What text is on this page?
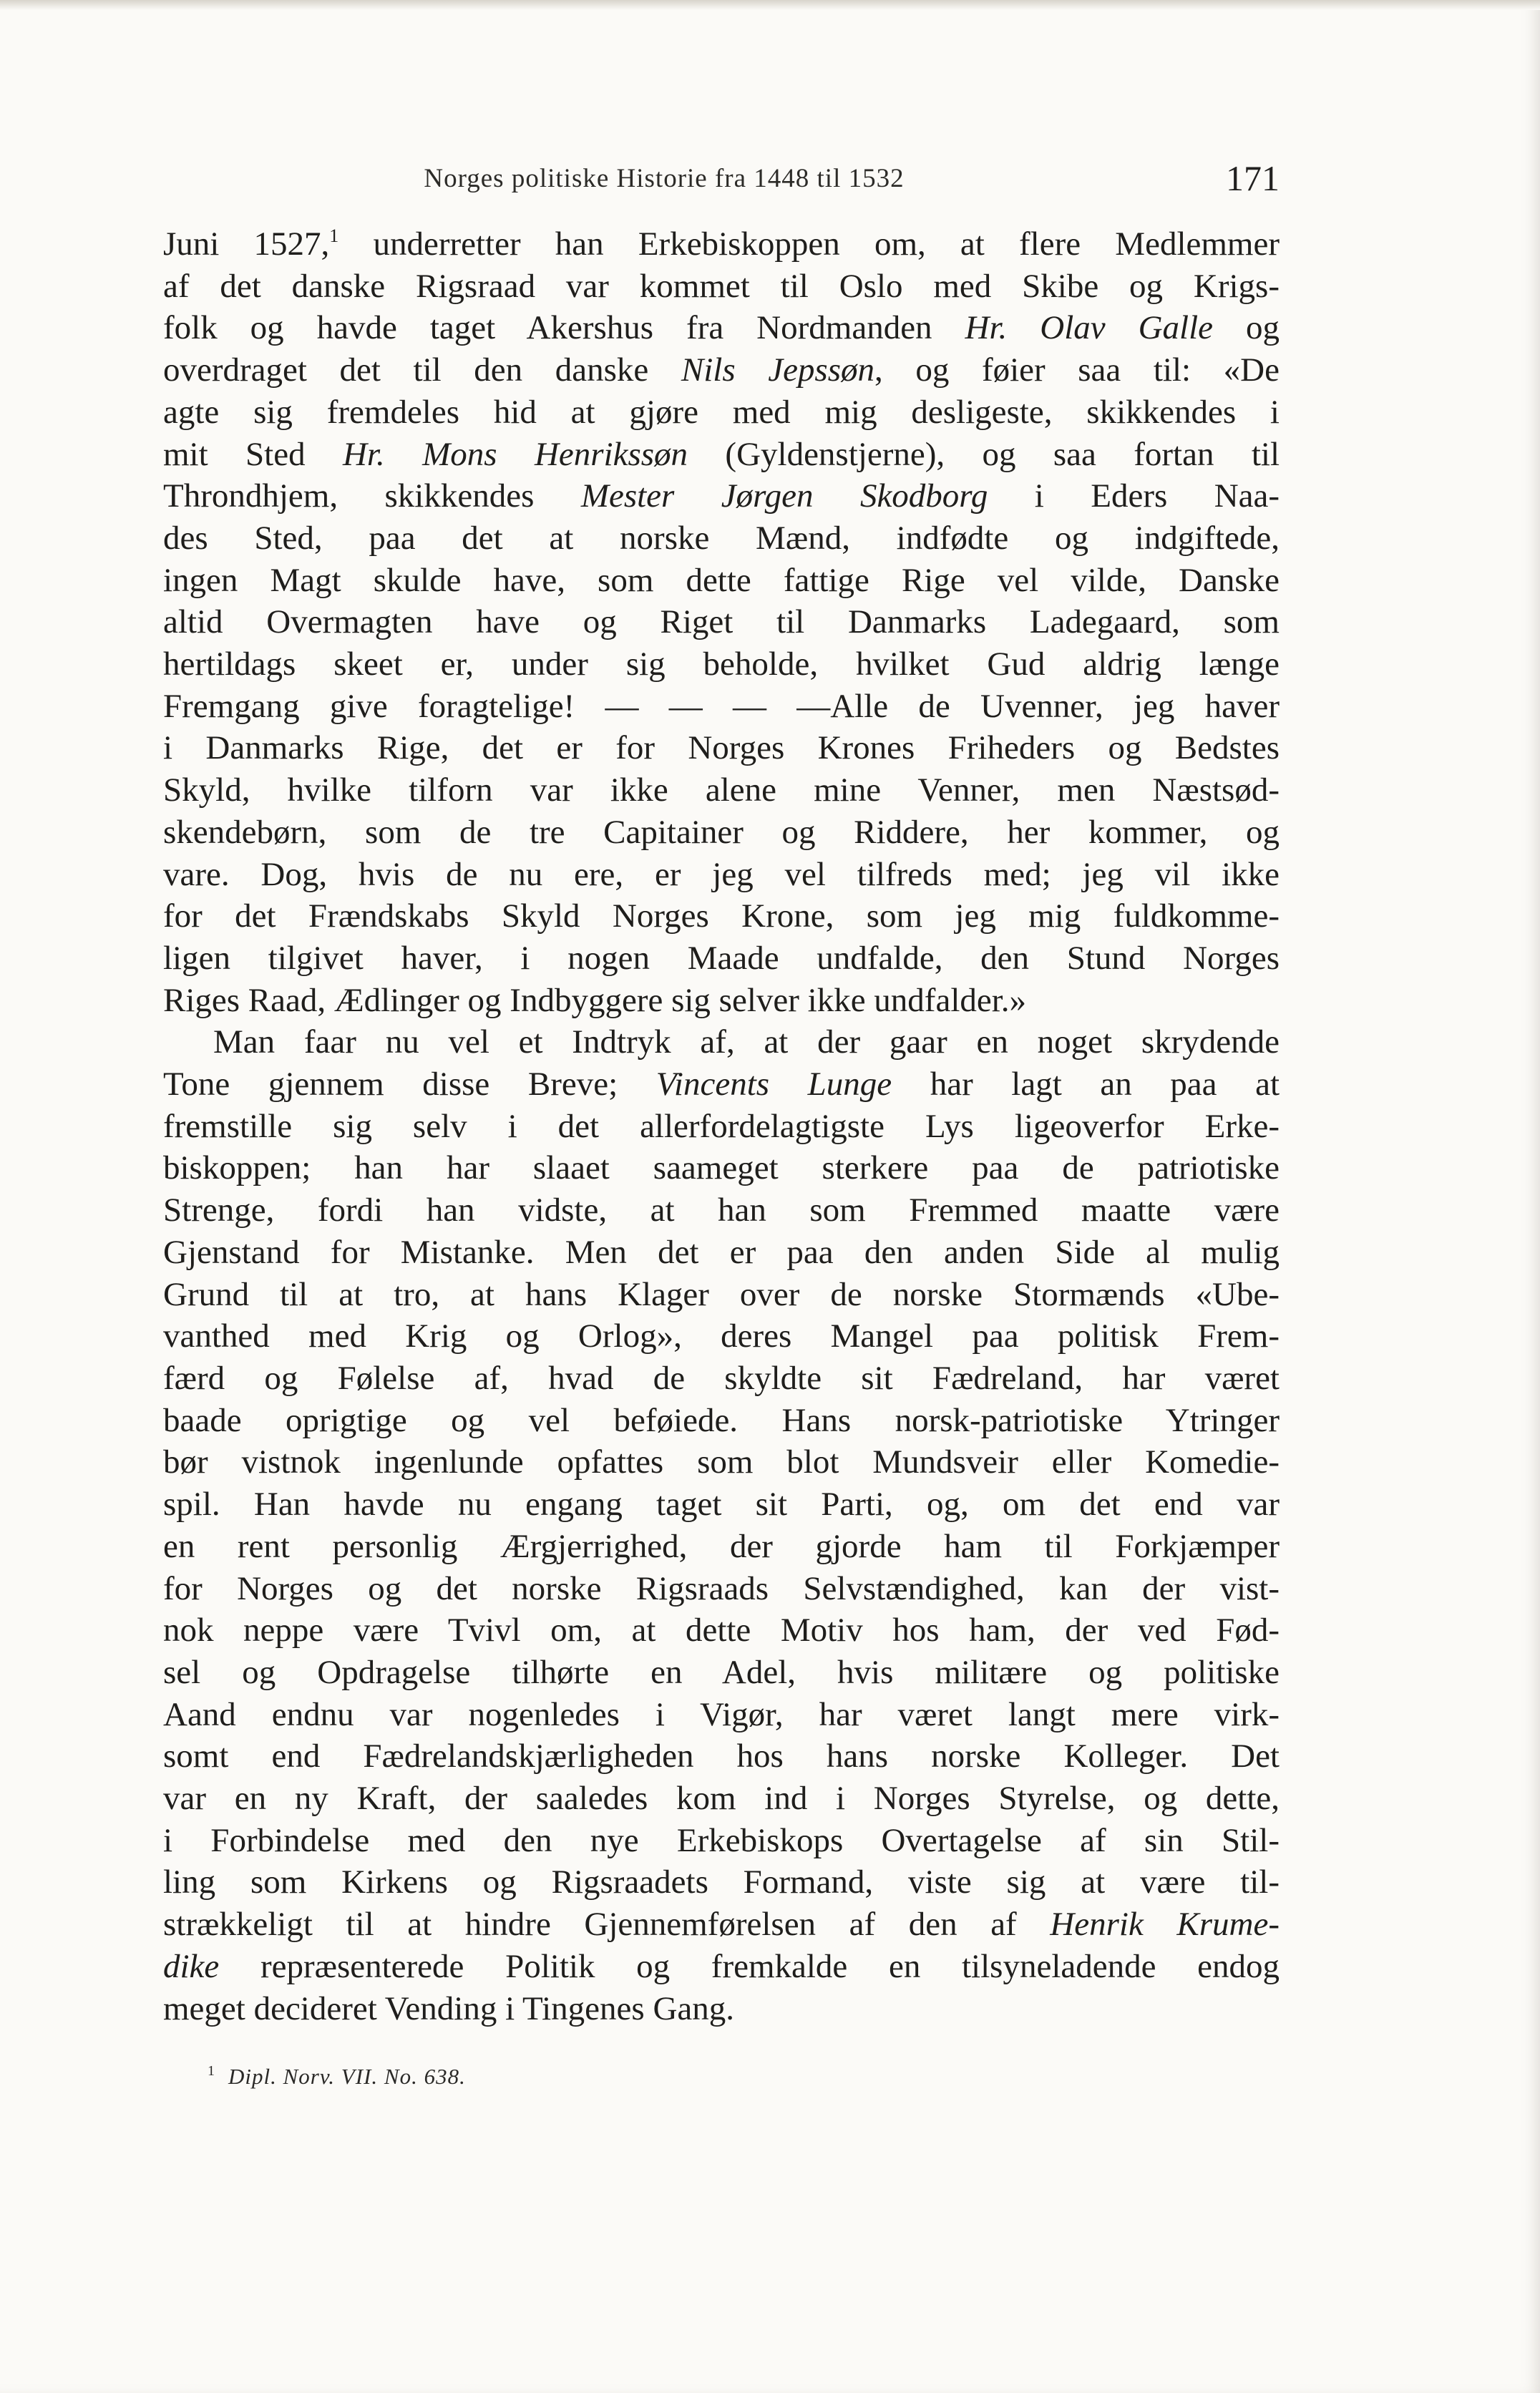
Norges politiske Historie fra 1448 til 1532	171

Juni 1527,$^1$ underretter han Erkebiskoppen om, at flere Medlemmer

af det danske Rigsraad var kommet til Oslo med Skibe og Krigs-

folk og havde taget Akershus fra Nordmanden Hr. Olav Galle og

overdraget det til den danske Nils Jepssøn, og føier saa til: «De

agte sig fremdeles hid at gjøre med mig desligeste, skikkendes i

mit Sted Hr. Mons Henrikssøn (Gyldenstjerne), og saa fortan til

Throndhjem, skikkendes Mester Jørgen Skodborg i Eders Naa-

des Sted, paa det at norske Mænd, indfødte og indgiftede,

ingen Magt skulde have, som dette fattige Rige vel vilde, Danske

altid Overmagten have og Riget til Danmarks Ladegaard, som

hertildags skeet er, under sig beholde, hvilket Gud aldrig længe

Fremgang give foragtelige! — — — —Alle de Uvenner, jeg haver

i Danmarks Rige, det er for Norges Krones Friheders og Bedstes

Skyld, hvilke tilforn var ikke alene mine Venner, men Næstsød-

skendebørn, som de tre Capitainer og Riddere, her kommer, og

vare. Dog, hvis de nu ere, er jeg vel tilfreds med; jeg vil ikke

for det Frændskabs Skyld Norges Krone, som jeg mig fuldkomme-

ligen tilgivet haver, i nogen Maade undfalde, den Stund Norges

Riges Raad, Ædlinger og Indbyggere sig selver ikke undfalder.»

Man faar nu vel et Indtryk af, at der gaar en noget skrydende

Tone gjennem disse Breve; Vincents Lunge har lagt an paa at

fremstille sig selv i det allerfordelagtigste Lys ligeoverfor Erke-

biskoppen; han har slaaet saameget sterkere paa de patriotiske

Strenge, fordi han vidste, at han som Fremmed maatte være

Gjenstand for Mistanke. Men det er paa den anden Side al mulig

Grund til at tro, at hans Klager over de norske Stormænds «Ube-

vanthed med Krig og Orlog», deres Mangel paa politisk Frem-

færd og Følelse af, hvad de skyldte sit Fædreland, har været

baade oprigtige og vel beføiede. Hans norsk-patriotiske Ytringer

bør vistnok ingenlunde opfattes som blot Mundsveir eller Komedie-

spil. Han havde nu engang taget sit Parti, og, om det end var

en rent personlig Ærgjerrighed, der gjorde ham til Forkjæmper

for Norges og det norske Rigsraads Selvstændighed, kan der vist-

nok neppe være Tvivl om, at dette Motiv hos ham, der ved Fød-

sel og Opdragelse tilhørte en Adel, hvis militære og politiske

Aand endnu var nogenledes i Vigør, har været langt mere virk-

somt end Fædrelandskjærligheden hos hans norske Kolleger. Det

var en ny Kraft, der saaledes kom ind i Norges Styrelse, og dette,

i Forbindelse med den nye Erkebiskops Overtagelse af sin Stil-

ling som Kirkens og Rigsraadets Formand, viste sig at være til-

strækkeligt til at hindre Gjennemførelsen af den af Henrik Krume-

dike repræsenterede Politik og fremkalde en tilsyneladende endog

meget decideret Vending i Tingenes Gang.

$^1$ Dipl. Norv. VII. No. 638.
